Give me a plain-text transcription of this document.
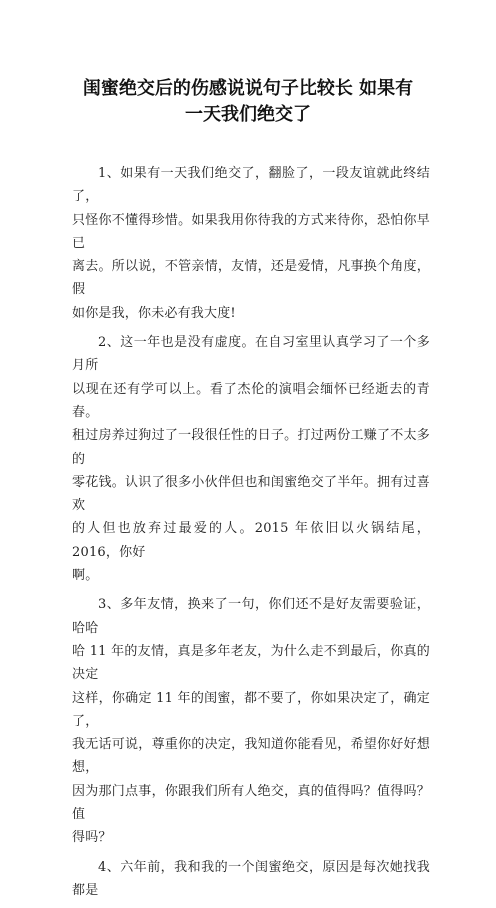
闺蜜绝交后的伤感说说句子比较长 如果有
一天我们绝交了

1、如果有一天我们绝交了，翻脸了，一段友谊就此终结了，
只怪你不懂得珍惜。如果我用你待我的方式来待你，恐怕你早已
离去。所以说，不管亲情，友情，还是爱情，凡事换个角度，假
如你是我，你未必有我大度!

2、这一年也是没有虚度。在自习室里认真学习了一个多月所
以现在还有学可以上。看了杰伦的演唱会缅怀已经逝去的青春。
租过房养过狗过了一段很任性的日子。打过两份工赚了不太多的
零花钱。认识了很多小伙伴但也和闺蜜绝交了半年。拥有过喜欢
的人但也放弃过最爱的人。2015 年依旧以火锅结尾，2016，你好
啊。

3、多年友情，换来了一句，你们还不是好友需要验证，哈哈
哈 11 年的友情，真是多年老友，为什么走不到最后，你真的决定
这样，你确定 11 年的闺蜜，都不要了，你如果决定了，确定了，
我无话可说，尊重你的决定，我知道你能看见，希望你好好想想，
因为那门点事，你跟我们所有人绝交，真的值得吗？值得吗？值
得吗？

4、六年前，我和我的一个闺蜜绝交，原因是每次她找我都是
